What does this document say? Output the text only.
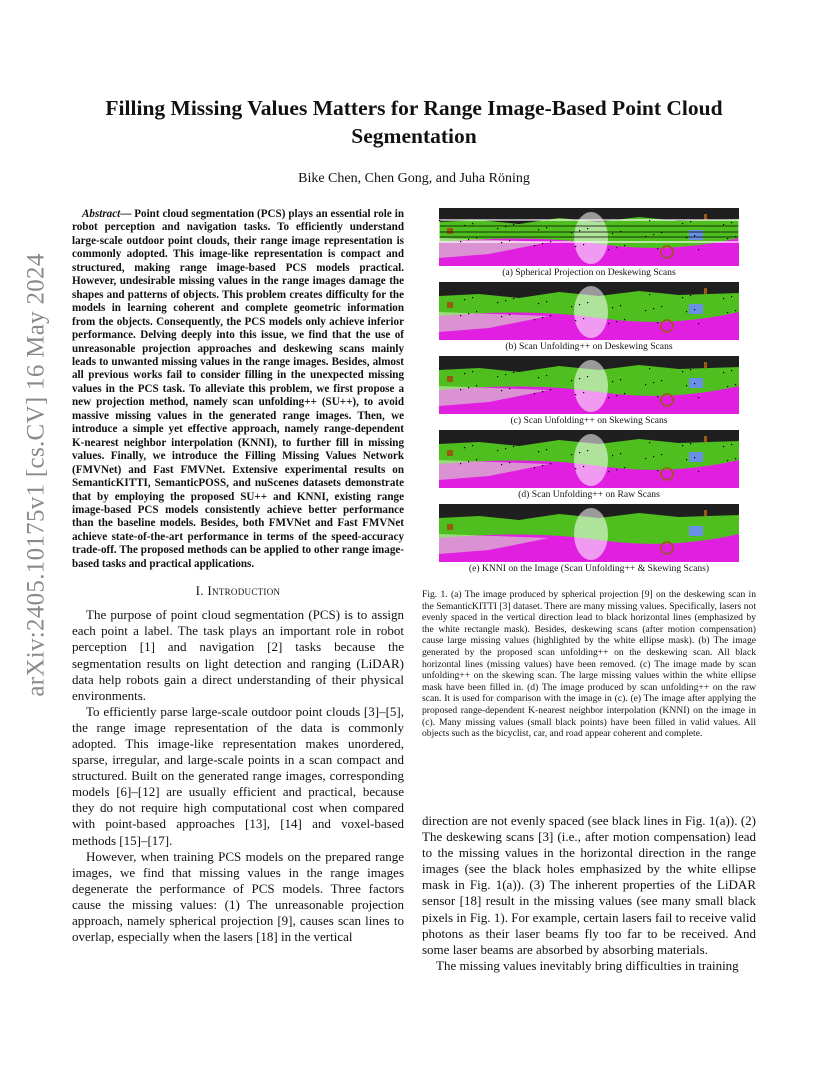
arXiv:2405.10175v1 [cs.CV] 16 May 2024
Filling Missing Values Matters for Range Image-Based Point Cloud Segmentation
Bike Chen, Chen Gong, and Juha Röning

Abstract— Point cloud segmentation (PCS) plays an essential role in robot perception and navigation tasks. To efficiently understand large-scale outdoor point clouds, their range image representation is commonly adopted. This image-like representation is compact and structured, making range image-based PCS models practical. However, undesirable missing values in the range images damage the shapes and patterns of objects. This problem creates difficulty for the models in learning coherent and complete geometric information from the objects. Consequently, the PCS models only achieve inferior performance. Delving deeply into this issue, we find that the use of unreasonable projection approaches and deskewing scans mainly leads to unwanted missing values in the range images. Besides, almost all previous works fail to consider filling in the unexpected missing values in the PCS task. To alleviate this problem, we first propose a new projection method, namely scan unfolding++ (SU++), to avoid massive missing values in the generated range images. Then, we introduce a simple yet effective approach, namely range-dependent K-nearest neighbor interpolation (KNNI), to further fill in missing values. Finally, we introduce the Filling Missing Values Network (FMVNet) and Fast FMVNet. Extensive experimental results on SemanticKITTI, SemanticPOSS, and nuScenes datasets demonstrate that by employing the proposed SU++ and KNNI, existing range image-based PCS models consistently achieve better performance than the baseline models. Besides, both FMVNet and Fast FMVNet achieve state-of-the-art performance in terms of the speed-accuracy trade-off. The proposed methods can be applied to other range image-based tasks and practical applications.

I. Introduction

The purpose of point cloud segmentation (PCS) is to assign each point a label. The task plays an important role in robot perception [1] and navigation [2] tasks because the segmentation results on light detection and ranging (LiDAR) data help robots gain a direct understanding of their physical environments.

To efficiently parse large-scale outdoor point clouds [3]–[5], the range image representation of the data is commonly adopted. This image-like representation makes unordered, sparse, irregular, and large-scale points in a scan compact and structured. Built on the generated range images, corresponding models [6]–[12] are usually efficient and practical, because they do not require high computational cost when compared with point-based approaches [13], [14] and voxel-based methods [15]–[17].

However, when training PCS models on the prepared range images, we find that missing values in the range images degenerate the performance of PCS models. Three factors cause the missing values: (1) The unreasonable projection approach, namely spherical projection [9], causes scan lines to overlap, especially when the lasers [18] in the vertical

(a) Spherical Projection on Deskewing Scans
(b) Scan Unfolding++ on Deskewing Scans
(c) Scan Unfolding++ on Skewing Scans
(d) Scan Unfolding++ on Raw Scans
(e) KNNI on the Image (Scan Unfolding++ & Skewing Scans)
Fig. 1. (a) The image produced by spherical projection [9] on the deskewing scan in the SemanticKITTI [3] dataset. There are many missing values. Specifically, lasers not evenly spaced in the vertical direction lead to black horizontal lines (emphasized by the white rectangle mask). Besides, deskewing scans (after motion compensation) cause large missing values (highlighted by the white ellipse mask). (b) The image generated by the proposed scan unfolding++ on the deskewing scan. All black horizontal lines (missing values) have been removed. (c) The image made by scan unfolding++ on the skewing scan. The large missing values within the white ellipse mask have been filled in. (d) The image produced by scan unfolding++ on the raw scan. It is used for comparison with the image in (c). (e) The image after applying the proposed range-dependent K-nearest neighbor interpolation (KNNI) on the image in (c). Many missing values (small black points) have been filled in valid values. All objects such as the bicyclist, car, and road appear coherent and complete.

direction are not evenly spaced (see black lines in Fig. 1(a)). (2) The deskewing scans [3] (i.e., after motion compensation) lead to the missing values in the horizontal direction in the range images (see the black holes emphasized by the white ellipse mask in Fig. 1(a)). (3) The inherent properties of the LiDAR sensor [18] result in the missing values (see many small black pixels in Fig. 1). For example, certain lasers fail to receive valid photons as their laser beams fly too far to be received. And some laser beams are absorbed by absorbing materials.

The missing values inevitably bring difficulties in training
